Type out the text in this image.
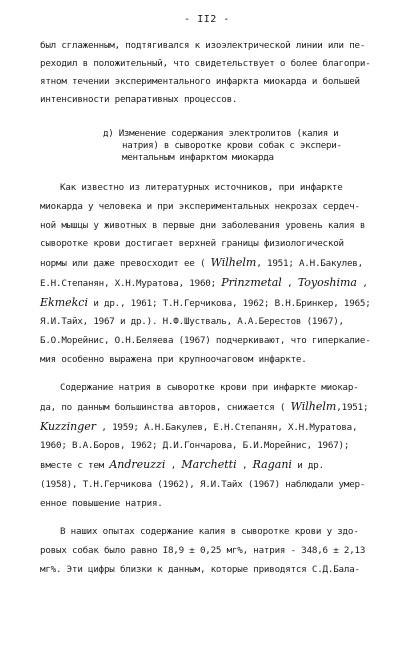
- II2 -
был сглаженным, подтягивался к изоэлектрической линии или пе-
реходил в положительный, что свидетельствует о более благопри-
ятном течении экспериментального инфаркта миокарда и большей
интенсивности репаративных процессов.
д) Изменение содержания электролитов (калия и
натрия) в сыворотке крови собак с экспери-
ментальным инфарктом миокарда
Как известно из литературных источников, при инфаркте
миокарда у человека и при экспериментальных некрозах сердеч-
ной мышцы у животных в первые дни заболевания уровень калия в
сыворотке крови достигает верхней границы физиологической
нормы или даже превосходит ее ( Wilhelm, 1951; А.Н.Бакулев,
Е.Н.Степанян, Х.Н.Муратова, 1960; Prinzmetal , Toyoshima ,
Ekmekci и др., 1961; Т.Н.Герчикова, 1962; В.Н.Бринкер, 1965;
Я.И.Тайх, 1967 и др.). Н.Ф.Шустваль, А.А.Берестов (1967),
Б.О.Морейнис, О.Н.Беляева (1967) подчеркивают, что гиперкалие-
мия особенно выражена при крупноочаговом инфаркте.
Содержание натрия в сыворотке крови при инфаркте миокар-
да, по данным большинства авторов, снижается ( Wilhelm,1951;
Kuzzinger , 1959; А.Н.Бакулев, Е.Н.Степанян, Х.Н.Муратова,
1960; В.А.Боров, 1962; Д.И.Гончарова, Б.И.Морейнис, 1967);
вместе с тем Andreuzzi , Marchetti , Ragani и др.
(1958), Т.Н.Герчикова (1962), Я.И.Тайх (1967) наблюдали умер-
енное повышение натрия.
В наших опытах содержание калия в сыворотке крови у здо-
ровых собак было равно I8,9 ± 0,25 мг%, натрия - 348,6 ± 2,13
мг%. Эти цифры близки к данным, которые приводятся С.Д.Бала-
